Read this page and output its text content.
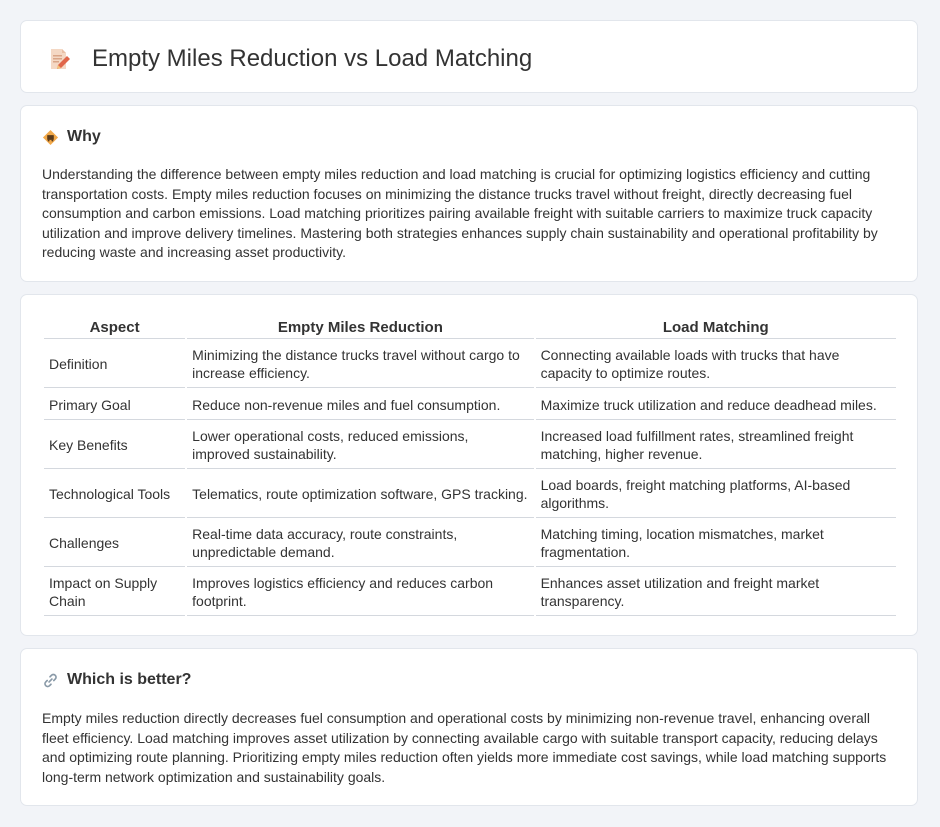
Empty Miles Reduction vs Load Matching
Why

Understanding the difference between empty miles reduction and load matching is crucial for optimizing logistics efficiency and cutting transportation costs. Empty miles reduction focuses on minimizing the distance trucks travel without freight, directly decreasing fuel consumption and carbon emissions. Load matching prioritizes pairing available freight with suitable carriers to maximize truck capacity utilization and improve delivery timelines. Mastering both strategies enhances supply chain sustainability and operational profitability by reducing waste and increasing asset productivity.

Aspect	Empty Miles Reduction	Load Matching
Definition	Minimizing the distance trucks travel without cargo to increase efficiency.	Connecting available loads with trucks that have capacity to optimize routes.
Primary Goal	Reduce non-revenue miles and fuel consumption.	Maximize truck utilization and reduce deadhead miles.
Key Benefits	Lower operational costs, reduced emissions, improved sustainability.	Increased load fulfillment rates, streamlined freight matching, higher revenue.
Technological Tools	Telematics, route optimization software, GPS tracking.	Load boards, freight matching platforms, AI-based algorithms.
Challenges	Real-time data accuracy, route constraints, unpredictable demand.	Matching timing, location mismatches, market fragmentation.
Impact on Supply Chain	Improves logistics efficiency and reduces carbon footprint.	Enhances asset utilization and freight market transparency.
Which is better?

Empty miles reduction directly decreases fuel consumption and operational costs by minimizing non-revenue travel, enhancing overall fleet efficiency. Load matching improves asset utilization by connecting available cargo with suitable transport capacity, reducing delays and optimizing route planning. Prioritizing empty miles reduction often yields more immediate cost savings, while load matching supports long-term network optimization and sustainability goals.
